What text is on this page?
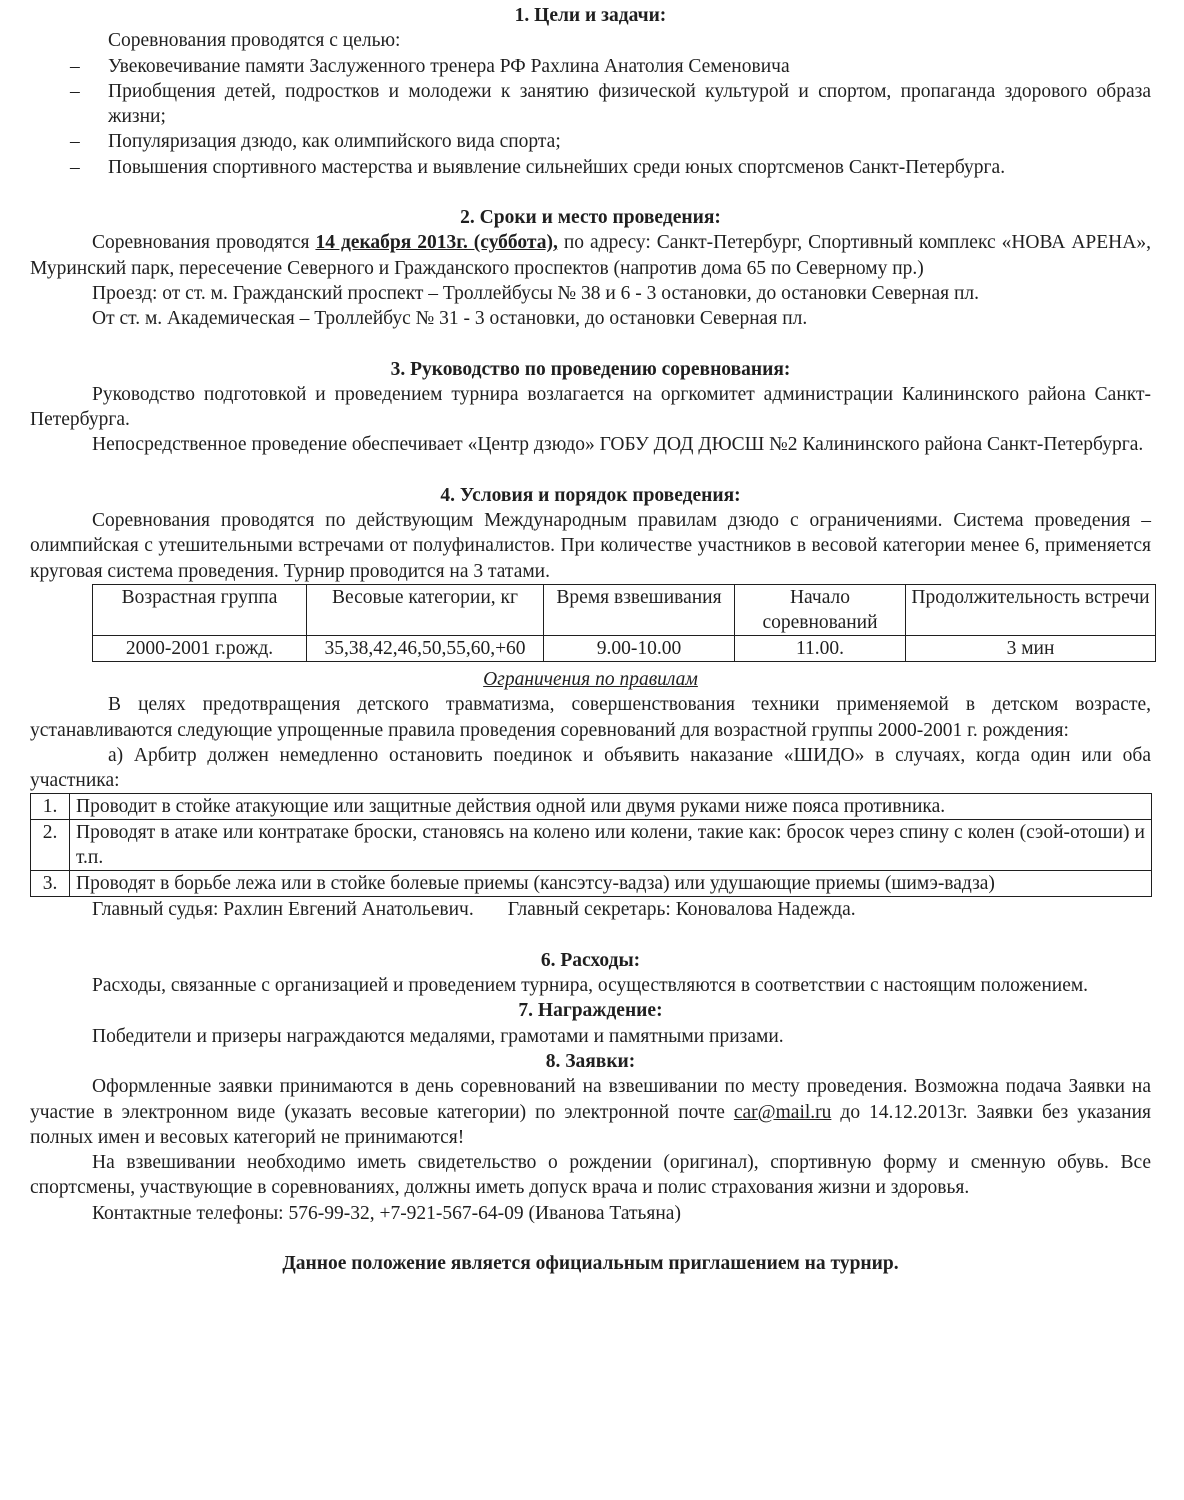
1. Цели и задачи:

Соревнования проводятся с целью:

– Увековечивание памяти Заслуженного тренера РФ Рахлина Анатолия Семеновича
– Приобщения детей, подростков и молодежи к занятию физической культурой и спортом, пропаганда здорового образа жизни;
– Популяризация дзюдо, как олимпийского вида спорта;
– Повышения спортивного мастерства и выявление сильнейших среди юных спортсменов Санкт-Петербурга.

2. Сроки и место проведения:

Соревнования проводятся 14 декабря 2013г. (суббота), по адресу: Санкт-Петербург, Спортивный комплекс «НОВА АРЕНА», Муринский парк, пересечение Северного и Гражданского проспектов (напротив дома 65 по Северному пр.)

Проезд: от ст. м. Гражданский проспект – Троллейбусы № 38 и 6 - 3 остановки, до остановки Северная пл.

От ст. м. Академическая – Троллейбус № 31 - 3 остановки, до остановки Северная пл.

3. Руководство по проведению соревнования:

Руководство подготовкой и проведением турнира возлагается на оргкомитет администрации Калининского района Санкт-Петербурга.

Непосредственное проведение обеспечивает «Центр дзюдо» ГОБУ ДОД ДЮСШ №2 Калининского района Санкт-Петербурга.

4. Условия и порядок проведения:

Соревнования проводятся по действующим Международным правилам дзюдо с ограничениями. Система проведения – олимпийская с утешительными встречами от полуфиналистов. При количестве участников в весовой категории менее 6, применяется круговая система проведения. Турнир проводится на 3 татами.

Возрастная группа	Весовые категории, кг	Время взвешивания	Начало соревнований	Продолжительность встречи
2000-2001 г.рожд.	35,38,42,46,50,55,60,+60	9.00-10.00	11.00.	3 мин

Ограничения по правилам

В целях предотвращения детского травматизма, совершенствования техники применяемой в детском возрасте, устанавливаются следующие упрощенные правила проведения соревнований для возрастной группы 2000-2001 г. рождения:

а) Арбитр должен немедленно остановить поединок и объявить наказание «ШИДО» в случаях, когда один или оба участника:

1.	Проводит в стойке атакующие или защитные действия одной или двумя руками ниже пояса противника.
2.	Проводят в атаке или контратаке броски, становясь на колено или колени, такие как: бросок через спину с колен (сэой-отоши) и т.п.
3.	Проводят в борьбе лежа или в стойке болевые приемы (кансэтсу-вадза) или удушающие приемы (шимэ-вадза)

Главный судья: Рахлин Евгений Анатольевич. Главный секретарь: Коновалова Надежда.

6. Расходы:

Расходы, связанные с организацией и проведением турнира, осуществляются в соответствии с настоящим положением.

7. Награждение:

Победители и призеры награждаются медалями, грамотами и памятными призами.

8. Заявки:

Оформленные заявки принимаются в день соревнований на взвешивании по месту проведения. Возможна подача Заявки на участие в электронном виде (указать весовые категории) по электронной почте car@mail.ru до 14.12.2013г. Заявки без указания полных имен и весовых категорий не принимаются!

На взвешивании необходимо иметь свидетельство о рождении (оригинал), спортивную форму и сменную обувь. Все спортсмены, участвующие в соревнованиях, должны иметь допуск врача и полис страхования жизни и здоровья.

Контактные телефоны: 576-99-32, +7-921-567-64-09 (Иванова Татьяна)

Данное положение является официальным приглашением на турнир.
